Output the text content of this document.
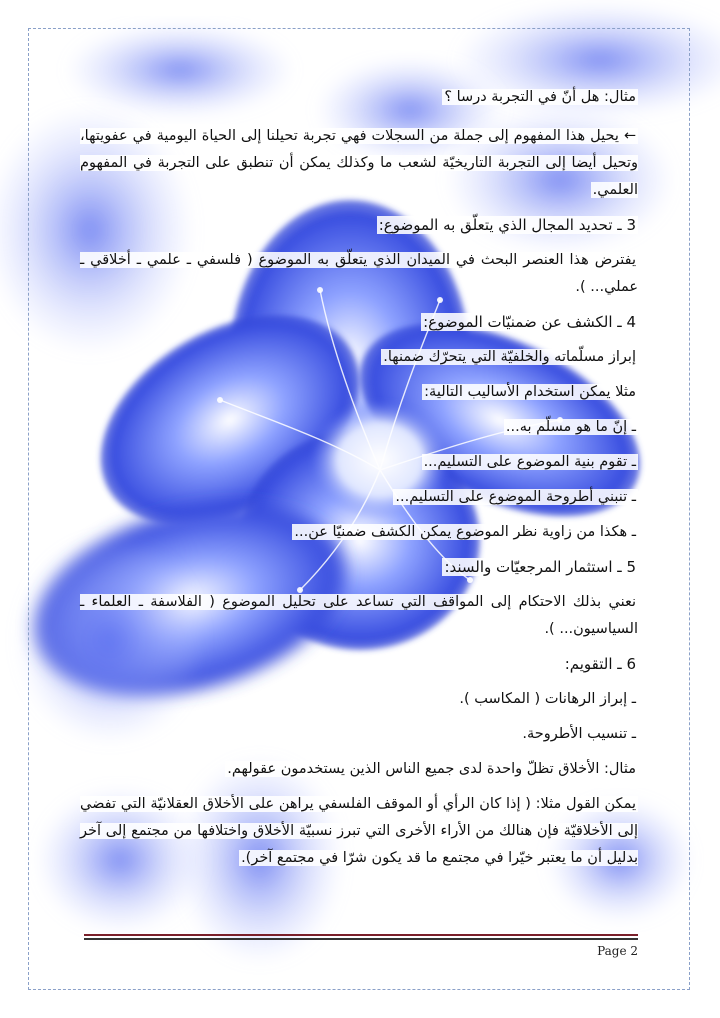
مثال: هل أنّ في التجربة درسا ؟

← يحيل هذا المفهوم إلى جملة من السجلات فهي تجربة تحيلنا إلى الحياة اليومية في عفويتها، وتحيل أيضا إلى التجربة التاريخيّة لشعب ما وكذلك يمكن أن تنطبق على التجربة في المفهوم العلمي.

3 ـ تحديد المجال الذي يتعلّق به الموضوع:

يفترض هذا العنصر البحث في الميدان الذي يتعلّق به الموضوع ( فلسفي ـ علمي ـ أخلاقي ـ عملي... ).

4 ـ الكشف عن ضمنيّات الموضوع:

إبراز مسلّماته والخلفيّة التي يتحرّك ضمنها.

مثلا يمكن استخدام الأساليب التالية:

ـ إنّ ما هو مسلّم به...

ـ تقوم بنية الموضوع على التسليم...

ـ تنبني أطروحة الموضوع على التسليم...

ـ هكذا من زاوية نظر الموضوع يمكن الكشف ضمنيّا عن...

5 ـ استثمار المرجعيّات والسند:

نعني بذلك الاحتكام إلى المواقف التي تساعد على تحليل الموضوع ( الفلاسفة ـ العلماء ـ السياسيون... ).

6 ـ التقويم:

ـ إبراز الرهانات ( المكاسب ).

ـ تنسيب الأطروحة.

مثال: الأخلاق تظلّ واحدة لدى جميع الناس الذين يستخدمون عقولهم.

يمكن القول مثلا: ( إذا كان الرأي أو الموقف الفلسفي يراهن على الأخلاق العقلانيّة التي تفضي إلى الأخلاقيّة فإن هنالك من الأراء الأخرى التي تبرز نسبيّة الأخلاق واختلافها من مجتمع إلى آخر بدليل أن ما يعتبر خيّرا في مجتمع ما قد يكون شرّا في مجتمع آخر).

Page 2
